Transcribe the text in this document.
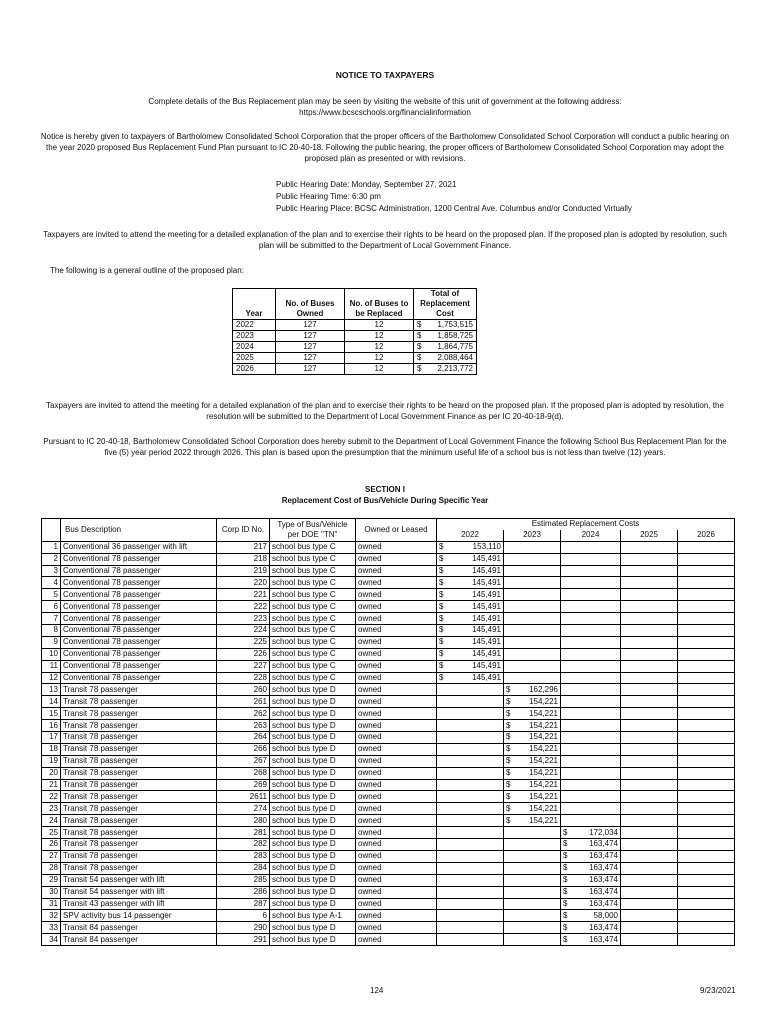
NOTICE TO TAXPAYERS
Complete details of the Bus Replacement plan may be seen by visiting the website of this unit of government at the following address:
https://www.bcscschools.org/financialinformation
Notice is hereby given to taxpayers of Bartholomew Consolidated School Corporation that the proper officers of the Bartholomew Consolidated School Corporation will conduct a public hearing on the year 2020 proposed Bus Replacement Fund Plan pursuant to IC 20-40-18. Following the public hearing, the proper officers of Bartholomew Consolidated School Corporation may adopt the proposed plan as presented or with revisions.
Public Hearing Date: Monday, September 27, 2021
Public Hearing Time: 6:30 pm
Public Hearing Place: BCSC Administration, 1200 Central Ave. Columbus and/or Conducted Virtually
Taxpayers are invited to attend the meeting for a detailed explanation of the plan and to exercise their rights to be heard on the proposed plan. If the proposed plan is adopted by resolution, such plan will be submitted to the Department of Local Government Finance.
The following is a general outline of the proposed plan:
Year	No. of Buses Owned	No. of Buses to be Replaced	Total of Replacement Cost
2022	127	12	$ 1,753,515

2023	127	12	$ 1,858,725

2024	127	12	$ 1,864,775

2025	127	12	$ 2,088,464

2026	127	12	$ 2,213,772
Taxpayers are invited to attend the meeting for a detailed explanation of the plan and to exercise their rights to be heard on the proposed plan. If the proposed plan is adopted by resolution, the resolution will be submitted to the Department of Local Government Finance as per IC 20-40-18-9(d).
Pursuant to IC 20-40-18, Bartholomew Consolidated School Corporation does hereby submit to the Department of Local Government Finance the following School Bus Replacement Plan for the five (5) year period 2022 through 2026. This plan is based upon the presumption that the minimum useful life of a school bus is not less than twelve (12) years.
SECTION I
Replacement Cost of Bus/Vehicle During Specific Year
	Bus Description	Corp ID No.	Type of Bus/Vehicle per DOE "TN"	Owned or Leased	Estimated Replacement Costs				
					2022	2023	2024	2025	2026
1	Conventional 36 passenger with lift	217	school bus type C	owned	$ 153,110				

2	Conventional 78 passenger	218	school bus type C	owned	$ 145,491				

3	Conventional 78 passenger	219	school bus type C	owned	$ 145,491				

4	Conventional 78 passenger	220	school bus type C	owned	$ 145,491				

5	Conventional 78 passenger	221	school bus type C	owned	$ 145,491				

6	Conventional 78 passenger	222	school bus type C	owned	$ 145,491				

7	Conventional 78 passenger	223	school bus type C	owned	$ 145,491				

8	Conventional 78 passenger	224	school bus type C	owned	$ 145,491				

9	Conventional 78 passenger	225	school bus type C	owned	$ 145,491				

10	Conventional 78 passenger	226	school bus type C	owned	$ 145,491				

11	Conventional 78 passenger	227	school bus type C	owned	$ 145,491				

12	Conventional 78 passenger	228	school bus type C	owned	$ 145,491				

13	Transit 78 passenger	260	school bus type D	owned		$ 162,296			

14	Transit 78 passenger	261	school bus type D	owned		$ 154,221			

15	Transit 78 passenger	262	school bus type D	owned		$ 154,221			

16	Transit 78 passenger	263	school bus type D	owned		$ 154,221			

17	Transit 78 passenger	264	school bus type D	owned		$ 154,221			

18	Transit 78 passenger	266	school bus type D	owned		$ 154,221			

19	Transit 78 passenger	267	school bus type D	owned		$ 154,221			

20	Transit 78 passenger	268	school bus type D	owned		$ 154,221			

21	Transit 78 passenger	269	school bus type D	owned		$ 154,221			

22	Transit 78 passenger	2611	school bus type D	owned		$ 154,221			

23	Transit 78 passenger	274	school bus type D	owned		$ 154,221			

24	Transit 78 passenger	280	school bus type D	owned		$ 154,221			

25	Transit 78 passenger	281	school bus type D	owned			$ 172,034		

26	Transit 78 passenger	282	school bus type D	owned			$ 163,474		

27	Transit 78 passenger	283	school bus type D	owned			$ 163,474		

28	Transit 78 passenger	284	school bus type D	owned			$ 163,474		

29	Transit 54 passenger with lift	285	school bus type D	owned			$ 163,474		

30	Transit 54 passenger with lift	286	school bus type D	owned			$ 163,474		

31	Transit 43 passenger with lift	287	school bus type D	owned			$ 163,474		

32	SPV activity bus 14 passenger	6	school bus type A-1	owned			$ 58,000		

33	Transit 84 passenger	290	school bus type D	owned			$ 163,474		

34	Transit 84 passenger	291	school bus type D	owned			$ 163,474		

124	9/23/2021
